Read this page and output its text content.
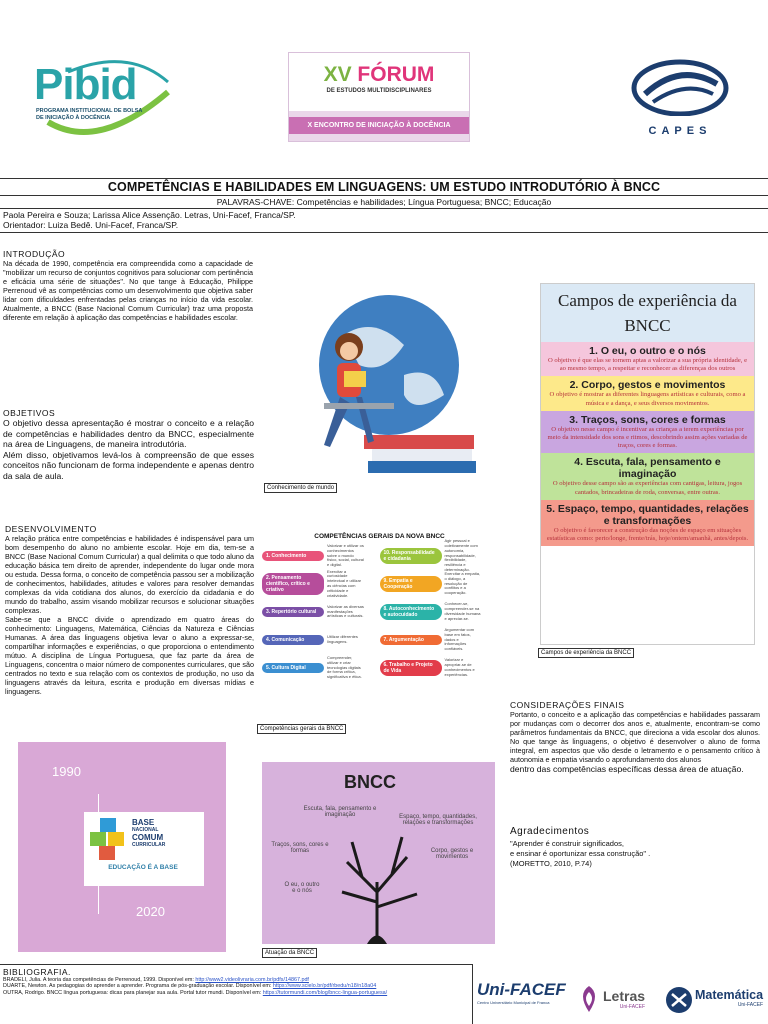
Pibid
PROGRAMA INSTITUCIONAL DE BOLSA DE INICIAÇÃO À DOCÊNCIA
XV FÓRUM
DE ESTUDOS MULTIDISCIPLINARES
X ENCONTRO DE INICIAÇÃO À DOCÊNCIA	CAPES
COMPETÊNCIAS E HABILIDADES EM LINGUAGENS: UM ESTUDO INTRODUTÓRIO À BNCC
PALAVRAS-CHAVE: Competências e habilidades; Língua Portuguesa; BNCC; Educação
Paola Pereira e Souza; Larissa Alice Assenção. Letras, Uni-Facef, Franca/SP.
Orientador: Luiza Bedê. Uni-Facef, Franca/SP.
INTRODUÇÃO
Na década de 1990, competência era compreendida como a capacidade de "mobilizar um recurso de conjuntos cognitivos para solucionar com pertinência e eficácia uma série de situações". No que tange à Educação, Philippe Perrenoud vê as competências como um desenvolvimento que objetiva saber lidar com dificuldades enfrentadas pelas crianças no início da vida escolar. Atualmente, a BNCC (Base Nacional Comum Curricular) traz uma proposta diferente em relação à aplicação das competências e habilidades escolar.
Conhecimento de mundo
OBJETIVOS
O objetivo dessa apresentação é mostrar o conceito e a relação de competências e habilidades dentro da BNCC, especialmente na área de Linguagens, de maneira introdutória.
Além disso, objetivamos levá-los à compreensão de que esses conceitos não funcionam de forma independente e apenas dentro da sala de aula.
Campos de experiência da
BNCC
1. O eu, o outro e o nós
O objetivo é que elas se tornem aptas a valorizar a sua própria identidade, e ao mesmo tempo, a respeitar e reconhecer as diferenças dos outros
2. Corpo, gestos e movimentos
O objetivo é mostrar as diferentes linguagens artísticas e culturais, como a música e a dança, e seus diversos movimentos.
3. Traços, sons, cores e formas
O objetivo nesse campo é incentivar as crianças a terem experiências por meio da intensidade dos sons e ritmos, descobrindo assim ações variadas de traços, cores e formas.
4. Escuta, fala, pensamento e imaginação
O objetivo desse campo são as experiências com cantigas, leitura, jogos cantados, brincadeiras de roda, conversas, entre outras.
5. Espaço, tempo, quantidades, relações e transformações
O objetivo é favorecer a construção das noções de espaço em situações estatísticas como: perto/longe, frente/trás, hoje/ontem/amanhã, antes/depois.
Campos de experiência da BNCC
DESENVOLVIMENTO
A relação prática entre competências e habilidades é indispensável para um bom desempenho do aluno no ambiente escolar. Hoje em dia, tem-se a BNCC (Base Nacional Comum Curricular) a qual delimita o que todo aluno da educação básica tem direito de aprender, independente do lugar onde mora ou estuda. Dessa forma, o conceito de competência passou ser a mobilização de conhecimentos, habilidades, atitudes e valores para resolver demandas complexas da vida cotidiana dos alunos, do exercício da cidadania e do mundo do trabalho, assim visando mobilizar recursos e solucionar situações complexas.
Sabe-se que a BNCC divide o aprendizado em quatro áreas do conhecimento: Linguagens, Matemática, Ciências da Natureza e Ciências Humanas. A área das linguagens objetiva levar o aluno a expressar-se, compartilhar informações e experiências, o que proporciona o entendimento mútuo. A disciplina de Língua Portuguesa, que faz parte da área de Linguagens, concentra o maior número de componentes curriculares, que são centrados no texto e sua relação com os contextos de produção, no uso da linguagens através da leitura, escrita e produção em diversas mídias e linguagens.
COMPETÊNCIAS GERAIS DA NOVA BNCC
1. Conhecimento
Valorizar e utilizar os conhecimentos sobre o mundo físico, social, cultural e digital.
10. Responsabilidade e cidadania
Agir pessoal e coletivamente com autonomia, responsabilidade, flexibilidade, resiliência e determinação.
2. Pensamento científico, crítico e criativo
Exercitar a curiosidade intelectual e utilizar as ciências com criticidade e criatividade.
9. Empatia e Cooperação
Exercitar a empatia, o diálogo, a resolução de conflitos e a cooperação.
3. Repertório cultural
Valorizar as diversas manifestações artísticas e culturais.
8. Autoconhecimento e autocuidado
Conhecer-se, compreender-se na diversidade humana e apreciar-se.
4. Comunicação
Utilizar diferentes linguagens.	7. Argumentação
Argumentar com base em fatos, dados e informações confiáveis.
5. Cultura Digital
Compreender, utilizar e criar tecnologias digitais de forma crítica, significativa e ética.
6. Trabalho e Projeto de Vida
Valorizar e apropriar-se de conhecimentos e experiências.
Competências gerais da BNCC
CONSIDERAÇÕES FINAIS
Portanto, o conceito e a aplicação das competências e habilidades passaram por mudanças com o decorrer dos anos e, atualmente, encontram-se como parâmetros fundamentais da BNCC, que direciona a vida escolar dos alunos. No que tange às linguagens, o objetivo é desenvolver o aluno de forma integral, em aspectos que vão desde o letramento e o pensamento crítico à autonomia e empatia visando o aprofundamento dos alunos
dentro das competências específicas dessa área de atuação.
Agradecimentos
"Aprender é construir significados,
e ensinar é oportunizar essa construção" .
(MORETTO, 2010, P.74)
1990
2020
BASE
NACIONAL
COMUM
CURRICULAR
EDUCAÇÃO É A BASE
BNCC
Escuta, fala, pensamento e imaginação	Espaço, tempo, quantidades, relações e transformações
Traços, sons, cores e formas	Corpo, gestos e movimentos
O eu, o outro e o nós
Atuação da BNCC
BIBLIOGRAFIA.
BRADELI, Julia. A teoria das competências de Perrenoud, 1999. Disponível em: http://www2.videolivraria.com.br/pdfs/14867.pdf
DUARTE, Newton. As pedagogias do aprender a aprender. Programa de pós-graduação escolar. Disponível em: https://www.scielo.br/pdf/rbedu/n18/n18a04
OUTRA, Rodrigo. BNCC língua portuguesa: dicas para planejar sua aula. Portal tutor mundi. Disponível em: https://tutormundi.com/blog/bncc-lingua-portuguesa/	Uni-FACEF
Centro Universitário Municipal de Franca	Letras
Uni-FACEF
Matemática
Uni-FACEF
